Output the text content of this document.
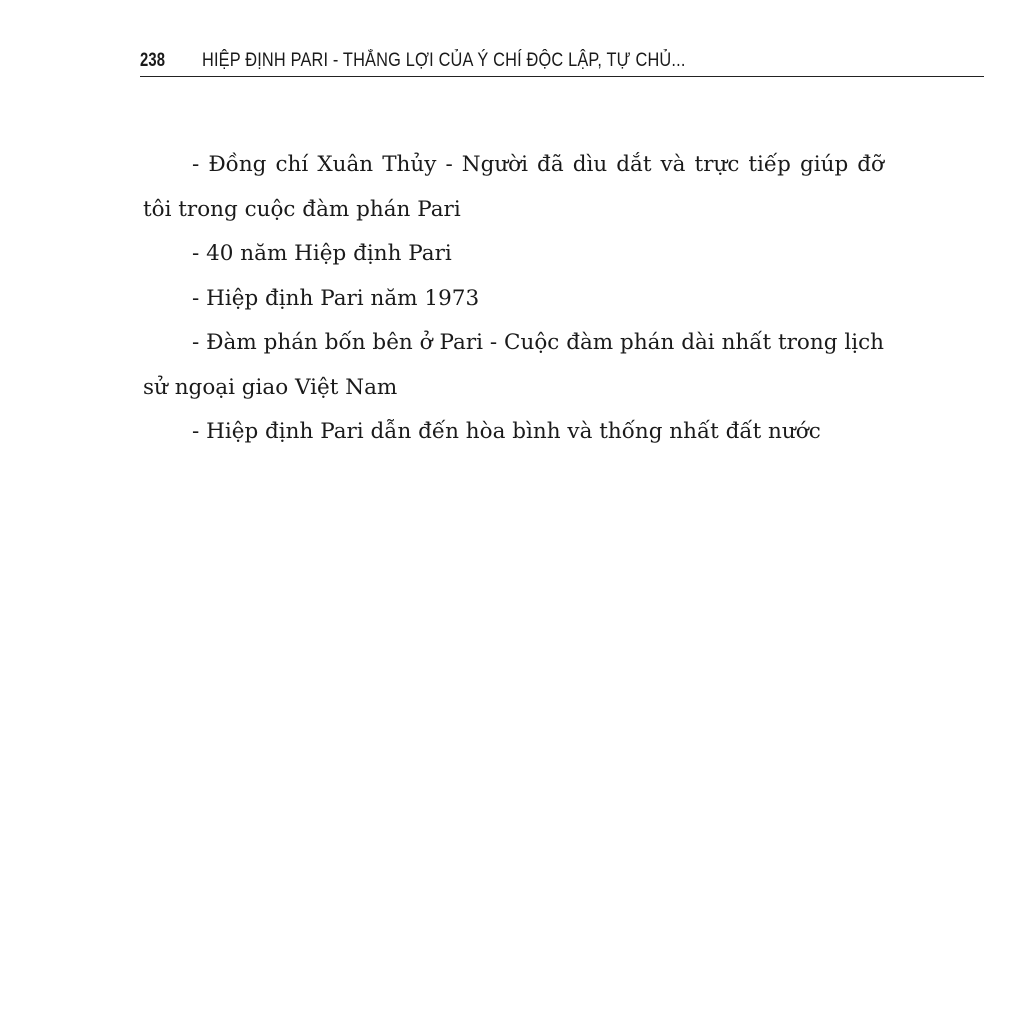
238	HIỆP ĐỊNH PARI - THẮNG LỢI CỦA Ý CHÍ ĐỘC LẬP, TỰ CHỦ...

- Đồng chí Xuân Thủy - Người đã dìu dắt và trực tiếp giúp đỡ tôi trong cuộc đàm phán Pari

- 40 năm Hiệp định Pari

- Hiệp định Pari năm 1973

- Đàm phán bốn bên ở Pari - Cuộc đàm phán dài nhất trong lịch sử ngoại giao Việt Nam

- Hiệp định Pari dẫn đến hòa bình và thống nhất đất nước
